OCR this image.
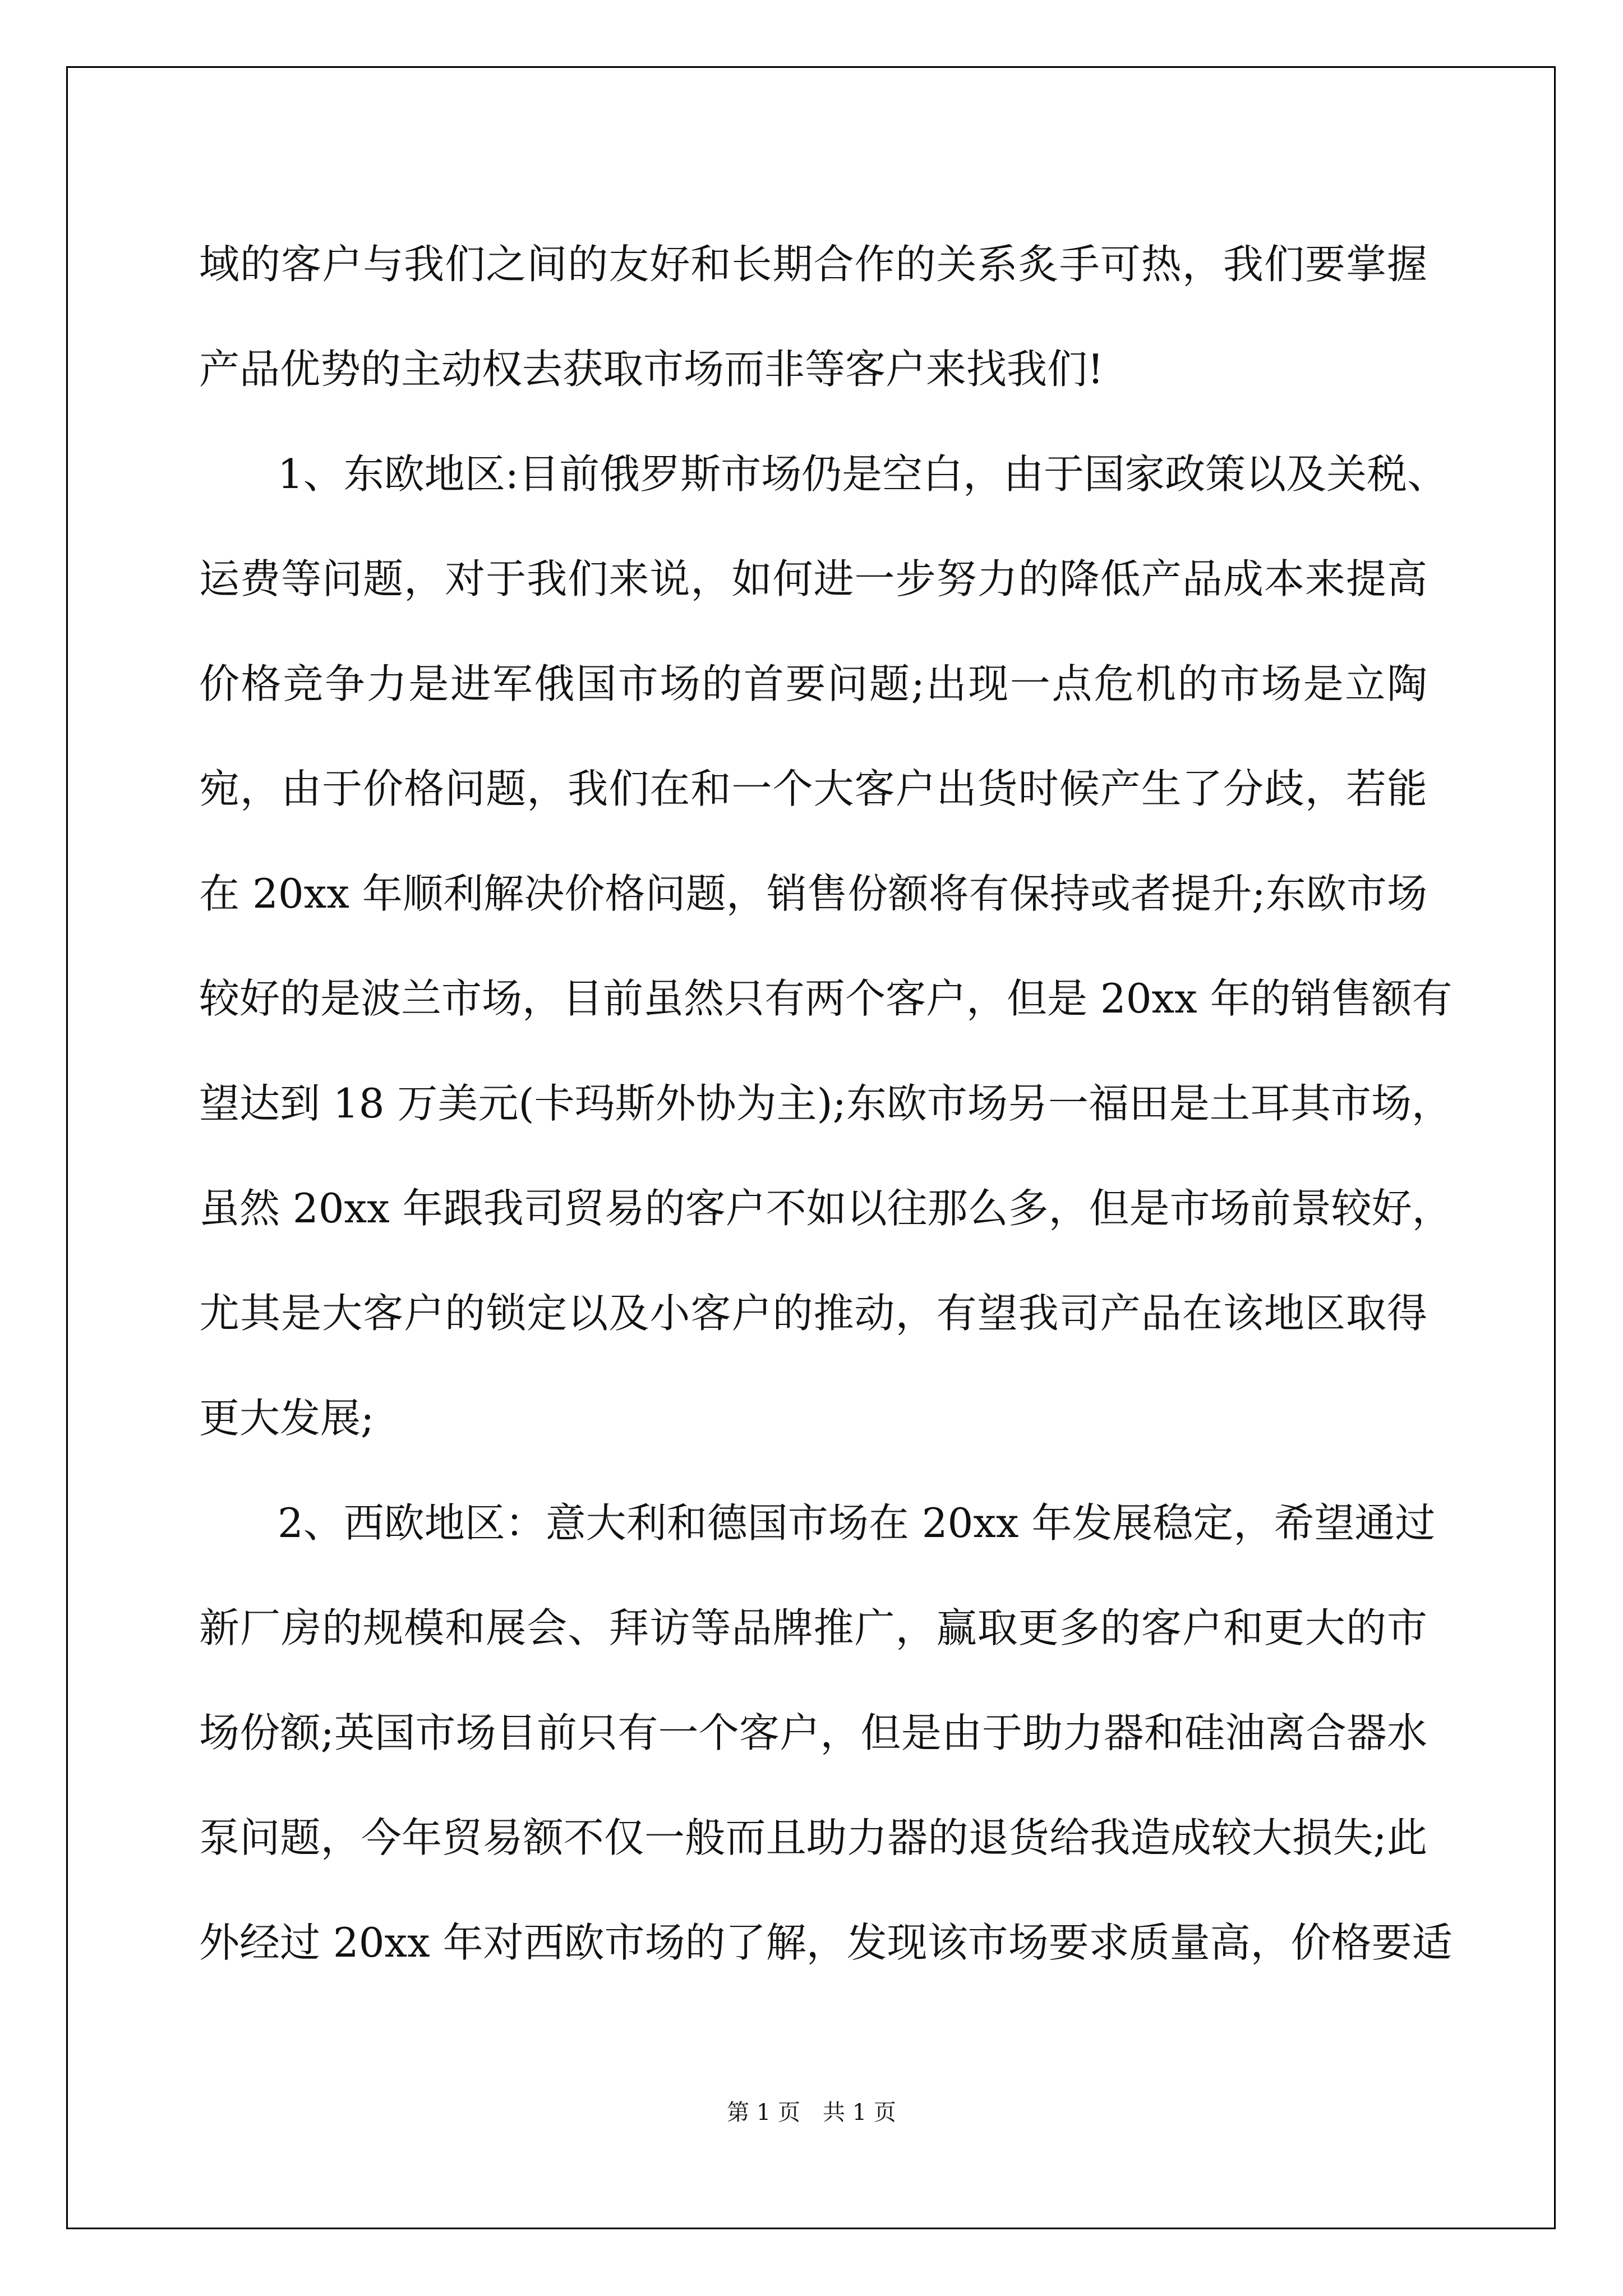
域的客户与我们之间的友好和长期合作的关系炙手可热，我们要掌握
产品优势的主动权去获取市场而非等客户来找我们!
1、东欧地区:目前俄罗斯市场仍是空白，由于国家政策以及关税、
运费等问题，对于我们来说，如何进一步努力的降低产品成本来提高
价格竞争力是进军俄国市场的首要问题;出现一点危机的市场是立陶
宛，由于价格问题，我们在和一个大客户出货时候产生了分歧，若能
在 20xx 年顺利解决价格问题，销售份额将有保持或者提升;东欧市场
较好的是波兰市场，目前虽然只有两个客户，但是 20xx 年的销售额有
望达到 18 万美元(卡玛斯外协为主);东欧市场另一福田是土耳其市场，
虽然 20xx 年跟我司贸易的客户不如以往那么多，但是市场前景较好，
尤其是大客户的锁定以及小客户的推动，有望我司产品在该地区取得
更大发展;
2、西欧地区：意大利和德国市场在 20xx 年发展稳定，希望通过
新厂房的规模和展会、拜访等品牌推广，赢取更多的客户和更大的市
场份额;英国市场目前只有一个客户，但是由于助力器和硅油离合器水
泵问题，今年贸易额不仅一般而且助力器的退货给我造成较大损失;此
外经过 20xx 年对西欧市场的了解，发现该市场要求质量高，价格要适
第 1 页　共 1 页
